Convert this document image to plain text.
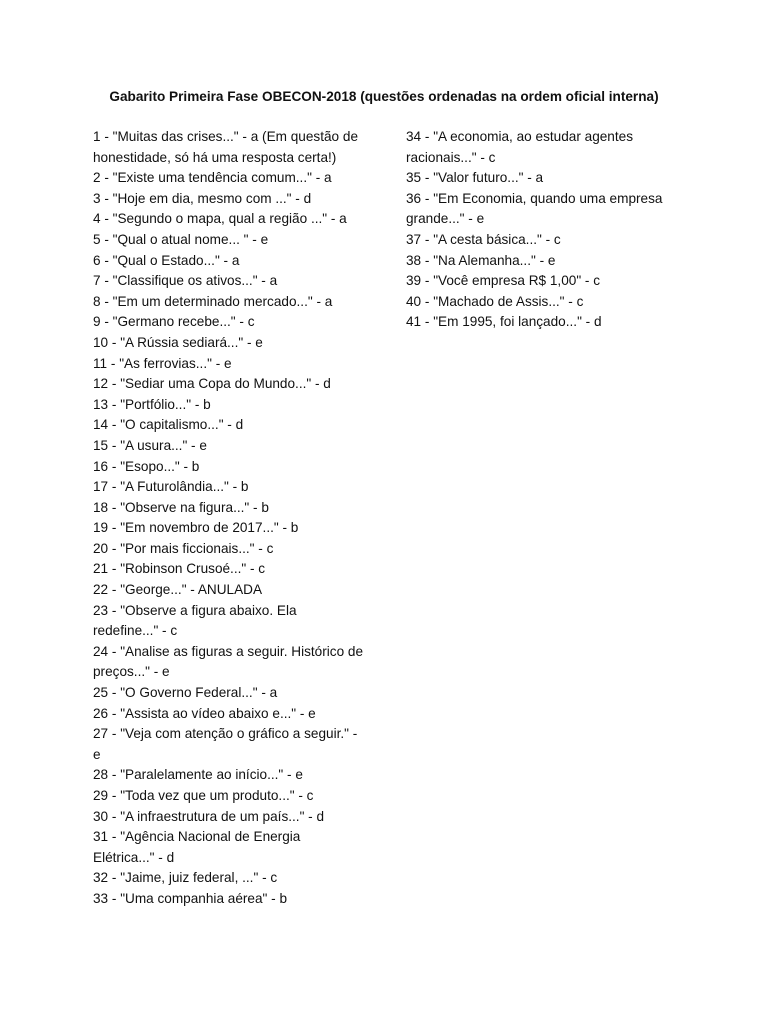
Gabarito Primeira Fase OBECON-2018 (questões ordenadas na ordem oficial interna)

1 - "Muitas das crises..." - a (Em questão de honestidade, só há uma resposta certa!)

2 - "Existe uma tendência comum..." - a

3 - "Hoje em dia, mesmo com ..." - d

4 - "Segundo o mapa, qual a região ..." - a

5 - "Qual o atual nome... " - e

6 - "Qual o Estado..." - a

7 - "Classifique os ativos..." - a

8 - "Em um determinado mercado..." - a

9 - "Germano recebe..." - c

10 - "A Rússia sediará..." - e

11 - "As ferrovias..." - e

12 - "Sediar uma Copa do Mundo..." - d

13 - "Portfólio..." - b

14 - "O capitalismo..." - d

15 - "A usura..." - e

16 - "Esopo..." - b

17 - "A Futurolândia..." - b

18 - "Observe na figura..." - b

19 - "Em novembro de 2017..." - b

20 - "Por mais ficcionais..." - c

21 - "Robinson Crusoé..." - c

22 - "George..." - ANULADA

23 - "Observe a figura abaixo. Ela redefine..." - c

24 - "Analise as figuras a seguir. Histórico de preços..." - e

25 - "O Governo Federal..." - a

26 - "Assista ao vídeo abaixo e..." - e

27 - "Veja com atenção o gráfico a seguir." - e

28 - "Paralelamente ao início..." - e

29 - "Toda vez que um produto..." - c

30 - "A infraestrutura de um país..." - d

31 - "Agência Nacional de Energia Elétrica..." - d

32 - "Jaime, juiz federal, ..." - c

33 - "Uma companhia aérea" - b

34 - "A economia, ao estudar agentes racionais..." - c

35 - "Valor futuro..." - a

36 - "Em Economia, quando uma empresa grande..." - e

37 - "A cesta básica..." - c

38 - "Na Alemanha..." - e

39 - "Você empresa R$ 1,00" - c

40 - "Machado de Assis..." - c

41 - "Em 1995, foi lançado..." - d
